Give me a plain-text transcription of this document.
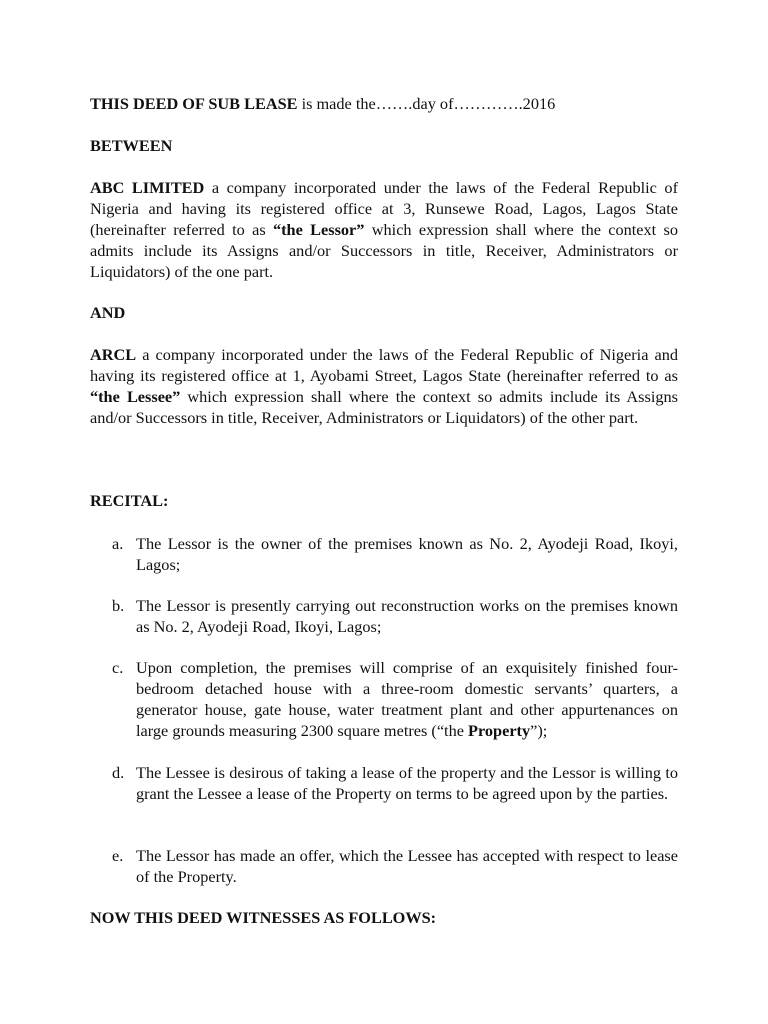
THIS DEED OF SUB LEASE is made the…….day of………….2016
BETWEEN
ABC LIMITED a company incorporated under the laws of the Federal Republic of Nigeria and having its registered office at 3, Runsewe Road, Lagos, Lagos State (hereinafter referred to as “the Lessor” which expression shall where the context so admits include its Assigns and/or Successors in title, Receiver, Administrators or Liquidators) of the one part.
AND
ARCL a company incorporated under the laws of the Federal Republic of Nigeria and having its registered office at 1, Ayobami Street, Lagos State (hereinafter referred to as “the Lessee” which expression shall where the context so admits include its Assigns and/or Successors in title, Receiver, Administrators or Liquidators) of the other part.
RECITAL:
a. The Lessor is the owner of the premises known as No. 2, Ayodeji Road, Ikoyi, Lagos;
b. The Lessor is presently carrying out reconstruction works on the premises known as No. 2, Ayodeji Road, Ikoyi, Lagos;
c. Upon completion, the premises will comprise of an exquisitely finished four-bedroom detached house with a three-room domestic servants’ quarters, a generator house, gate house, water treatment plant and other appurtenances on large grounds measuring 2300 square metres (“the Property”);
d. The Lessee is desirous of taking a lease of the property and the Lessor is willing to grant the Lessee a lease of the Property on terms to be agreed upon by the parties.
e. The Lessor has made an offer, which the Lessee has accepted with respect to lease of the Property.
NOW THIS DEED WITNESSES AS FOLLOWS:
